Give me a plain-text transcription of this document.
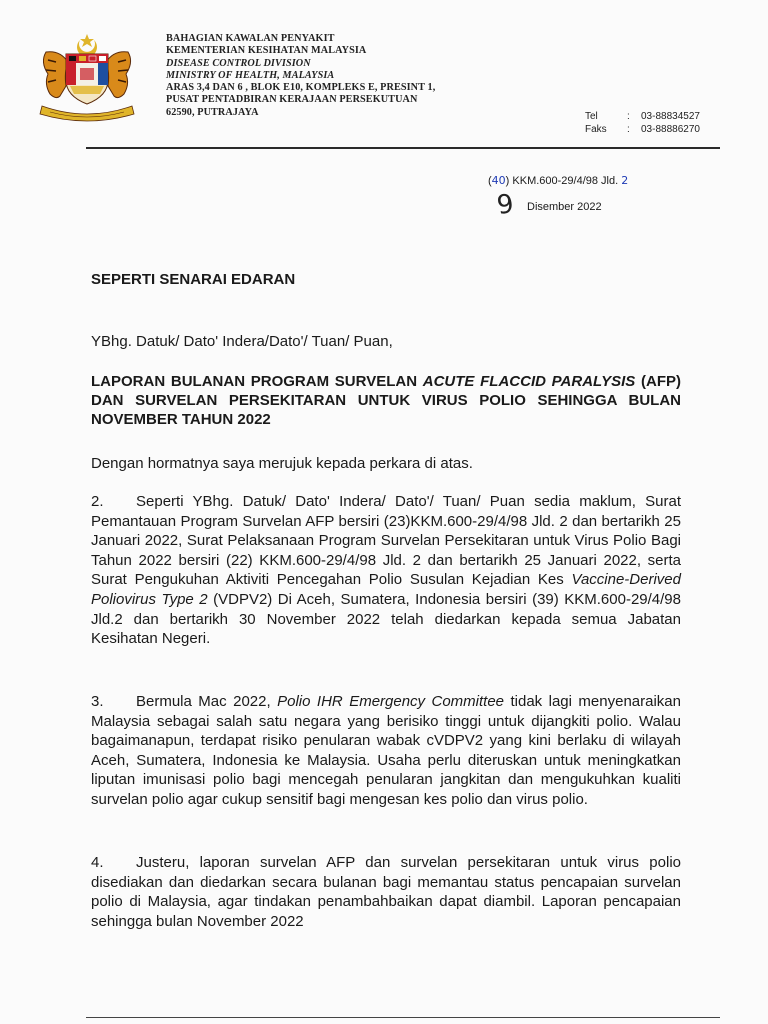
BAHAGIAN KAWALAN PENYAKIT
KEMENTERIAN KESIHATAN MALAYSIA
DISEASE CONTROL DIVISION
MINISTRY OF HEALTH, MALAYSIA
ARAS 3,4 DAN 6 , BLOK E10, KOMPLEKS E, PRESINT 1,
PUSAT PENTADBIRAN KERAJAAN PERSEKUTUAN
62590, PUTRAJAYA	Tel	:	03-88834527
Faks	:	03-88886270
(40) KKM.600-29/4/98 Jld. 2
9 Disember 2022
SEPERTI SENARAI EDARAN
YBhg. Datuk/ Dato' Indera/Dato'/ Tuan/ Puan,
LAPORAN BULANAN PROGRAM SURVELAN ACUTE FLACCID PARALYSIS (AFP) DAN SURVELAN PERSEKITARAN UNTUK VIRUS POLIO SEHINGGA BULAN NOVEMBER TAHUN 2022
Dengan hormatnya saya merujuk kepada perkara di atas.
2. Seperti YBhg. Datuk/ Dato' Indera/ Dato'/ Tuan/ Puan sedia maklum, Surat Pemantauan Program Survelan AFP bersiri (23)KKM.600-29/4/98 Jld. 2 dan bertarikh 25 Januari 2022, Surat Pelaksanaan Program Survelan Persekitaran untuk Virus Polio Bagi Tahun 2022 bersiri (22) KKM.600-29/4/98 Jld. 2 dan bertarikh 25 Januari 2022, serta Surat Pengukuhan Aktiviti Pencegahan Polio Susulan Kejadian Kes Vaccine-Derived Poliovirus Type 2 (VDPV2) Di Aceh, Sumatera, Indonesia bersiri (39) KKM.600-29/4/98 Jld.2 dan bertarikh 30 November 2022 telah diedarkan kepada semua Jabatan Kesihatan Negeri.
3. Bermula Mac 2022, Polio IHR Emergency Committee tidak lagi menyenaraikan Malaysia sebagai salah satu negara yang berisiko tinggi untuk dijangkiti polio. Walau bagaimanapun, terdapat risiko penularan wabak cVDPV2 yang kini berlaku di wilayah Aceh, Sumatera, Indonesia ke Malaysia. Usaha perlu diteruskan untuk meningkatkan liputan imunisasi polio bagi mencegah penularan jangkitan dan mengukuhkan kualiti survelan polio agar cukup sensitif bagi mengesan kes polio dan virus polio.
4. Justeru, laporan survelan AFP dan survelan persekitaran untuk virus polio disediakan dan diedarkan secara bulanan bagi memantau status pencapaian survelan polio di Malaysia, agar tindakan penambahbaikan dapat diambil. Laporan pencapaian sehingga bulan November 2022
